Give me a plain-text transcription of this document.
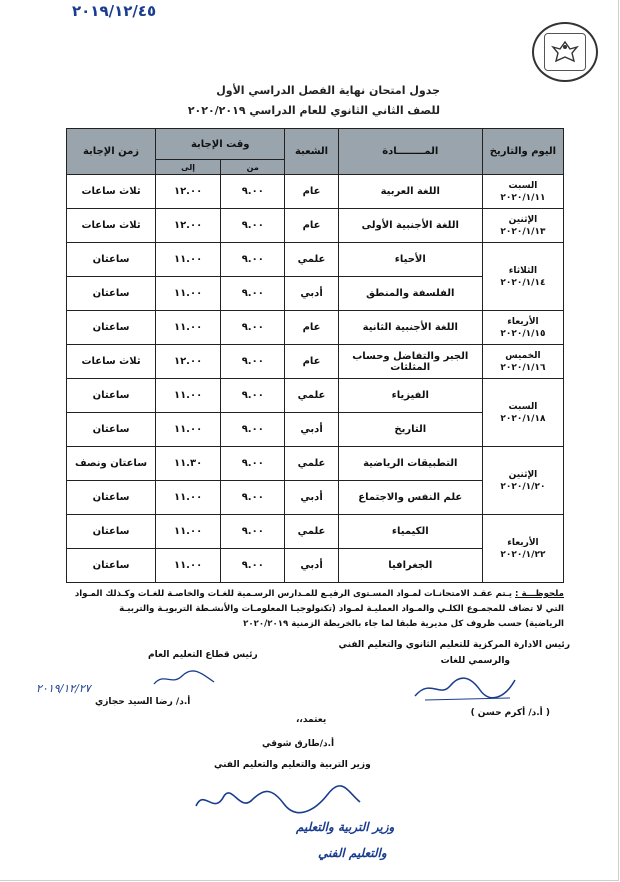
٢٠١٩/١٢/٤٥
جدول امتحان نهاية الفصل الدراسي الأول
للصف الثاني الثانوي للعام الدراسي ٢٠٢٠/٢٠١٩
اليوم والتاريخ	المــــــــادة	الشعبة	وقت الإجابة		زمن الإجابة
			من	إلى	

السبت
٢٠٢٠/١/١١	اللغة العربية	عام	٩.٠٠	١٢.٠٠	ثلاث ساعات

الإثنين
٢٠٢٠/١/١٣	اللغة الأجنبية الأولى	عام	٩.٠٠	١٢.٠٠	ثلاث ساعات

الثلاثاء
٢٠٢٠/١/١٤	الأحياء	علمي	٩.٠٠	١١.٠٠	ساعتان
	الفلسفة والمنطق	أدبي	٩.٠٠	١١.٠٠	ساعتان

الأربعاء
٢٠٢٠/١/١٥	اللغة الأجنبية الثانية	عام	٩.٠٠	١١.٠٠	ساعتان

الخميس
٢٠٢٠/١/١٦	الجبر والتفاضل وحساب المثلثات	عام	٩.٠٠	١٢.٠٠	ثلاث ساعات

السبت
٢٠٢٠/١/١٨	الفيزياء	علمي	٩.٠٠	١١.٠٠	ساعتان
	التاريخ	أدبي	٩.٠٠	١١.٠٠	ساعتان

الإثنين
٢٠٢٠/١/٢٠	التطبيقات الرياضية	علمي	٩.٠٠	١١.٣٠	ساعتان ونصف
	علم النفس والاجتماع	أدبي	٩.٠٠	١١.٠٠	ساعتان

الأربعاء
٢٠٢٠/١/٢٢	الكيمياء	علمي	٩.٠٠	١١.٠٠	ساعتان
	الجغرافيا	أدبي	٩.٠٠	١١.٠٠	ساعتان
ملحوظـــة : يـتم عقـد الامتحانـات لمـواد المسـتوى الرفيـع للمـدارس الرسـمية للغـات والخاصـة للغـات وكـذلك المـواد
التي لا تضاف للمجمـوع الكلـي والمـواد العمليـة لمـواد (تكنولوجيـا المعلومـات والأنشـطة التربويـة والتربيـة
الرياضية) حسب ظروف كل مديرية طبقا لما جاء بالخريطة الزمنية ٢٠٢٠/٢٠١٩
رئيس الادارة المركزية للتعليم الثانوي والتعليم الفني
والرسمي للغات
( أ.د/ أكرم حسن )
رئيس قطاع التعليم العام
٢٠١٩/١٢/٢٧
أ.د/ رضا السيد حجازي
يعتمد،،
أ.د/طارق شوقي
وزير التربية والتعليم والتعليم الفني
وزير التربية والتعليم
والتعليم الفني
